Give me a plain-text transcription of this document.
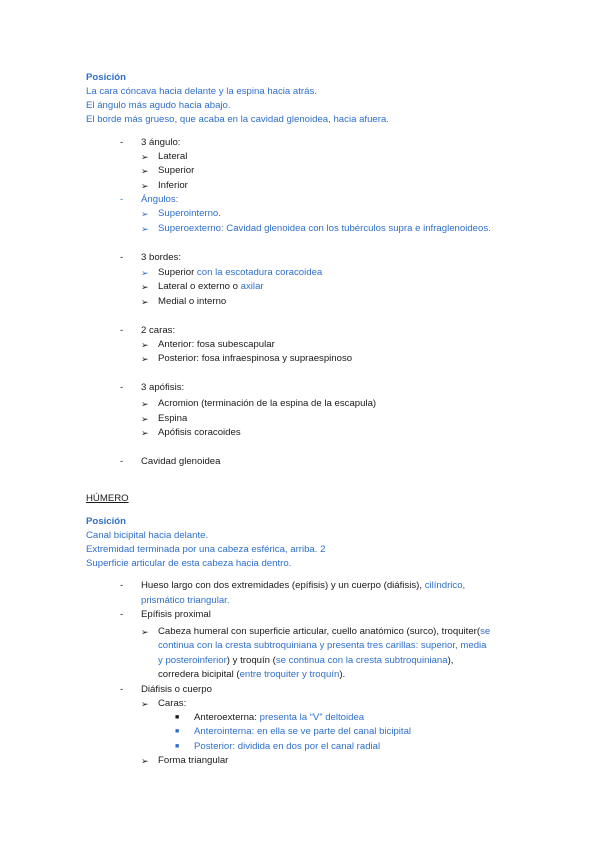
Posición
La cara cóncava hacia delante y la espina hacia atrás.
El ángulo más agudo hacia abajo.
El borde más grueso, que acaba en la cavidad glenoidea, hacia afuera.
- 3 ángulo:
➢ Lateral
➢ Superior
➢ Inferior
- Ángulos:
➢ Superointerno.
➢ Superoexterno: Cavidad glenoidea con los tubérculos supra e infraglenoideos.
- 3 bordes:
➢ Superior con la escotadura coracoidea
➢ Lateral o externo o axilar
➢ Medial o interno
- 2 caras:
➢ Anterior: fosa subescapular
➢ Posterior: fosa infraespinosa y supraespinoso
- 3 apófisis:
➢ Acromion (terminación de la espina de la escapula)
➢ Espina
➢ Apófisis coracoides
- Cavidad glenoidea
HÚMERO
Posición
Canal bicipital hacia delante.
Extremidad terminada por una cabeza esférica, arriba. 2
Superficie articular de esta cabeza hacia dentro.
- Hueso largo con dos extremidades (epífisis) y un cuerpo (diáfisis), cilíndrico,
prismático triangular.
- Epífisis proximal
➢ Cabeza humeral con superficie articular, cuello anatómico (surco), troquiter(se
continua con la cresta subtroquiniana y presenta tres carillas: superior, media
y posteroinferior) y troquín (se continua con la cresta subtroquiniana),
corredera bicipital (entre troquiter y troquín).
- Diáfisis o cuerpo
➢ Caras:
■ Anteroexterna: presenta la “V” deltoidea
■ Anterointerna: en ella se ve parte del canal bicipital
■ Posterior: dividida en dos por el canal radial
➢ Forma triangular
